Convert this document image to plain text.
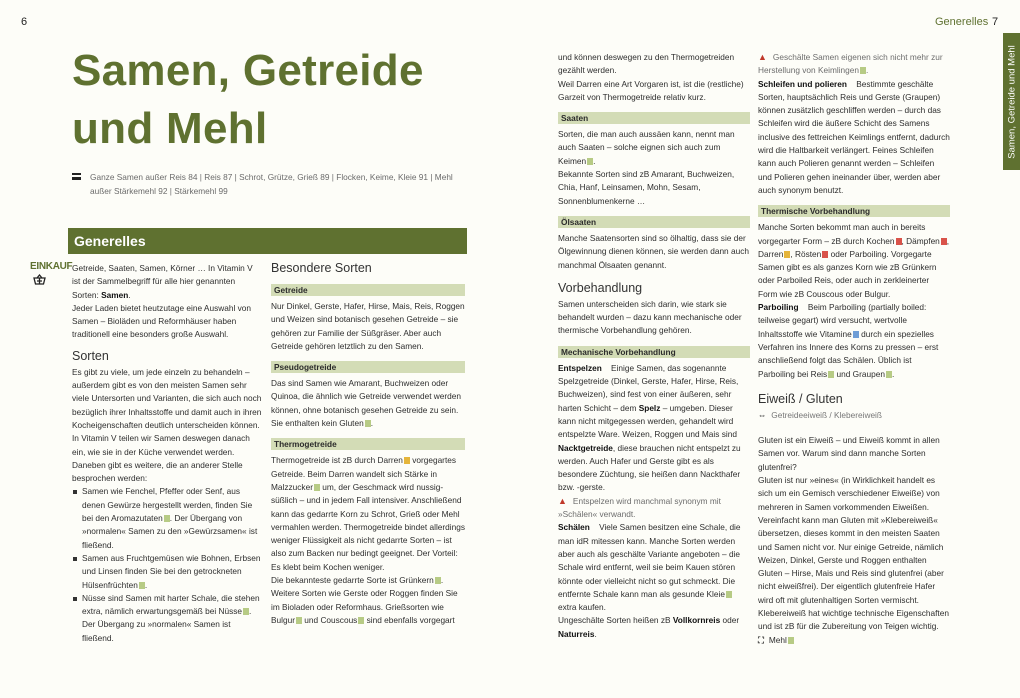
6
Samen, Getreide
und Mehl
Ganze Samen außer Reis 84 | Reis 87 | Schrot, Grütze, Grieß 89 | Flocken, Keime, Kleie 91 | Mehl außer Stärkemehl 92 | Stärkemehl 99
Generelles
EINKAUF Getreide, Saaten, Samen, Körner … In Vitamin V ist der Sammelbegriff für alle hier genannten Sorten: Samen.

Jeder Laden bietet heutzutage eine Auswahl von Samen – Bioläden und Reformhäuser haben traditionell eine besonders große Auswahl.

Sorten

Es gibt zu viele, um jede einzeln zu behandeln – außerdem gibt es von den meisten Samen sehr viele Untersorten und Varianten, die sich auch noch bezüglich ihrer Inhaltsstoffe und damit auch in ihren Kocheigenschaften deutlich unterscheiden können. In Vitamin V teilen wir Samen deswegen danach ein, wie sie in der Küche verwendet werden.

Daneben gibt es weitere, die an anderer Stelle besprochen werden:

Samen wie Fenchel, Pfeffer oder Senf, aus denen Gewürze hergestellt werden, finden Sie bei den Aromazutaten . Der Übergang von »normalen« Samen zu den »Gewürzsamen« ist fließend.
Samen aus Fruchtgemüsen wie Bohnen, Erbsen und Linsen finden Sie bei den getrockneten Hülsenfrüchten .
Nüsse sind Samen mit harter Schale, die stehen extra, nämlich erwartungsgemäß bei Nüsse . Der Übergang zu »normalen« Samen ist fließend.
Besondere Sorten
Getreide

Nur Dinkel, Gerste, Hafer, Hirse, Mais, Reis, Roggen und Weizen sind botanisch gesehen Getreide – sie gehören zur Familie der Süßgräser. Aber auch Getreide gehören letztlich zu den Samen.

Pseudogetreide

Das sind Samen wie Amarant, Buchweizen oder Quinoa, die ähnlich wie Getreide verwendet werden können, ohne botanisch gesehen Getreide zu sein. Sie enthalten kein Gluten .

Thermogetreide

Thermogetreide ist zB durch Darren vorgegartes Getreide. Beim Darren wandelt sich Stärke in Malzzucker um, der Geschmack wird nussig-süßlich – und in jedem Fall intensiver. Anschließend kann das gedarrte Korn zu Schrot, Grieß oder Mehl vermahlen werden. Thermogetreide bindet allerdings weniger Flüssigkeit als nicht gedarrte Sorten – ist also zum Backen nur bedingt geeignet. Der Vorteil: Es klebt beim Kochen weniger.

Die bekannteste gedarrte Sorte ist Grünkern .

Weitere Sorten wie Gerste oder Roggen finden Sie im Bioladen oder Reformhaus. Grießsorten wie Bulgur und Couscous sind ebenfalls vorgegart

Generelles 7
Samen, Getreide und Mehl

und können deswegen zu den Thermogetreiden gezählt werden.

Weil Darren eine Art Vorgaren ist, ist die (restliche) Garzeit von Thermogetreide relativ kurz.

Saaten

Sorten, die man auch aussäen kann, nennt man auch Saaten – solche eignen sich auch zum Keimen .

Bekannte Sorten sind zB Amarant, Buchweizen, Chia, Hanf, Leinsamen, Mohn, Sesam, Sonnenblumenkerne …

Ölsaaten

Manche Saatensorten sind so ölhaltig, dass sie der Ölgewinnung dienen können, sie werden dann auch manchmal Ölsaaten genannt.

Vorbehandlung

Samen unterscheiden sich darin, wie stark sie behandelt wurden – dazu kann mechanische oder thermische Vorbehandlung gehören.

Mechanische Vorbehandlung

Entspelzen Einige Samen, das sogenannte Spelzgetreide (Dinkel, Gerste, Hafer, Hirse, Reis, Buchweizen), sind fest von einer äußeren, sehr harten Schicht – dem Spelz – umgeben. Dieser kann nicht mitgegessen werden, gehandelt wird entspelzte Ware. Weizen, Roggen und Mais sind Nacktgetreide, diese brauchen nicht entspelzt zu werden. Auch Hafer und Gerste gibt es als besondere Züchtung, sie heißen dann Nackthafer bzw. -gerste.

▲ Entspelzen wird manchmal synonym mit »Schälen« verwandt.

Schälen Viele Samen besitzen eine Schale, die man idR mitessen kann. Manche Sorten werden aber auch als geschälte Variante angeboten – die Schale wird entfernt, weil sie beim Kauen stören könnte oder vielleicht nicht so gut schmeckt. Die entfernte Schale kann man als gesunde Kleie extra kaufen.

Ungeschälte Sorten heißen zB Vollkornreis oder Naturreis.

▲ Geschälte Samen eigenen sich nicht mehr zur Herstellung von Keimlingen .

Schleifen und polieren Bestimmte geschälte Sorten, hauptsächlich Reis und Gerste (Graupen) können zusätzlich geschliffen werden – durch das Schleifen wird die äußere Schicht des Samens inclusive des fettreichen Keimlings entfernt, dadurch wird die Haltbarkeit verlängert. Feines Schleifen kann auch Polieren genannt werden – Schleifen und Polieren gehen ineinander über, werden aber auch synonym benutzt.

Thermische Vorbehandlung

Manche Sorten bekommt man auch in bereits vorgegarter Form – zB durch Kochen , Dämpfen , Darren , Rösten oder Parboiling. Vorgegarte Samen gibt es als ganzes Korn wie zB Grünkern oder Parboiled Reis, oder auch in zerkleinerter Form wie zB Couscous oder Bulgur.

Parboiling Beim Parboiling (partially boiled: teilweise gegart) wird versucht, wertvolle Inhaltsstoffe wie Vitamine durch ein spezielles Verfahren ins Innere des Korns zu pressen – erst anschließend folgt das Schälen. Üblich ist Parboiling bei Reis und Graupen .

Eiweiß / Gluten

⇔ Getreideeiweiß / Klebereiweiß

Gluten ist ein Eiweiß – und Eiweiß kommt in allen Samen vor. Warum sind dann manche Sorten glutenfrei?

Gluten ist nur »eines« (in Wirklichkeit handelt es sich um ein Gemisch verschiedener Eiweiße) von mehreren in Samen vorkommenden Eiweißen. Vereinfacht kann man Gluten mit »Klebereiweiß« übersetzen, dieses kommt in den meisten Saaten und Samen nicht vor. Nur einige Getreide, nämlich Weizen, Dinkel, Gerste und Roggen enthalten Gluten – Hirse, Mais und Reis sind glutenfrei (aber nicht eiweißfrei). Der eigentlich glutenfreie Hafer wird oft mit glutenhaltigen Sorten vermischt. Klebereiweiß hat wichtige technische Eigenschaften und ist zB für die Zubereitung von Teigen wichtig.

⛶ Mehl
